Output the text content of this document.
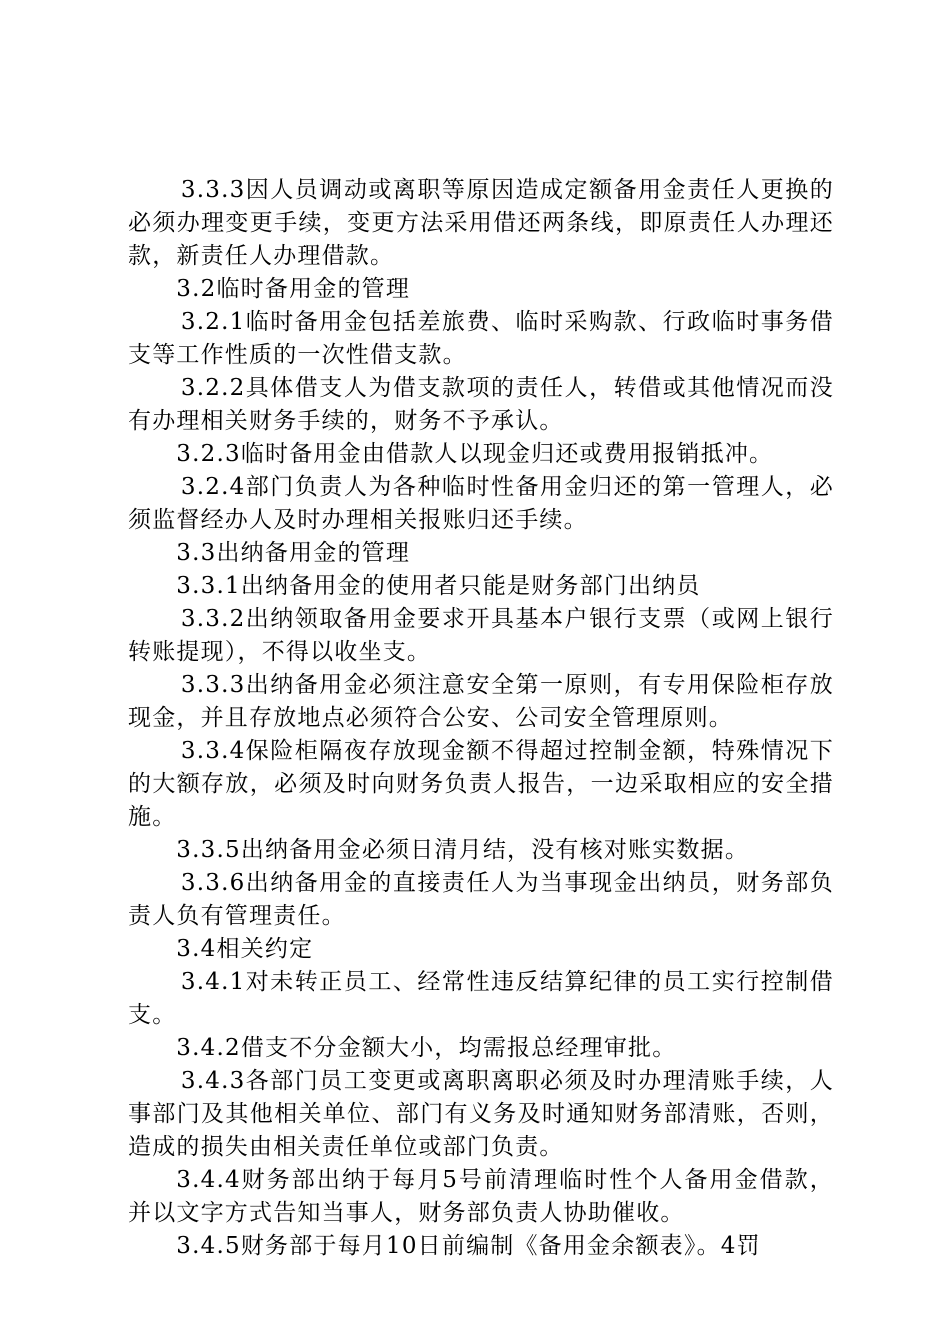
3.3.3因人员调动或离职等原因造成定额备用金责任人更换的必须办理变更手续，变更方法采用借还两条线，即原责任人办理还款，新责任人办理借款。

3.2临时备用金的管理

3.2.1临时备用金包括差旅费、临时采购款、行政临时事务借支等工作性质的一次性借支款。

3.2.2具体借支人为借支款项的责任人，转借或其他情况而没有办理相关财务手续的，财务不予承认。

3.2.3临时备用金由借款人以现金归还或费用报销抵冲。

3.2.4部门负责人为各种临时性备用金归还的第一管理人，必须监督经办人及时办理相关报账归还手续。

3.3出纳备用金的管理

3.3.1出纳备用金的使用者只能是财务部门出纳员

3.3.2出纳领取备用金要求开具基本户银行支票（或网上银行转账提现），不得以收坐支。

3.3.3出纳备用金必须注意安全第一原则，有专用保险柜存放现金，并且存放地点必须符合公安、公司安全管理原则。

3.3.4保险柜隔夜存放现金额不得超过控制金额，特殊情况下的大额存放，必须及时向财务负责人报告，一边采取相应的安全措施。

3.3.5出纳备用金必须日清月结，没有核对账实数据。

3.3.6出纳备用金的直接责任人为当事现金出纳员，财务部负责人负有管理责任。

3.4相关约定

3.4.1对未转正员工、经常性违反结算纪律的员工实行控制借支。

3.4.2借支不分金额大小，均需报总经理审批。

3.4.3各部门员工变更或离职离职必须及时办理清账手续，人事部门及其他相关单位、部门有义务及时通知财务部清账，否则，造成的损失由相关责任单位或部门负责。

3.4.4财务部出纳于每月5号前清理临时性个人备用金借款，并以文字方式告知当事人，财务部负责人协助催收。

3.4.5财务部于每月10日前编制《备用金余额表》。4罚
